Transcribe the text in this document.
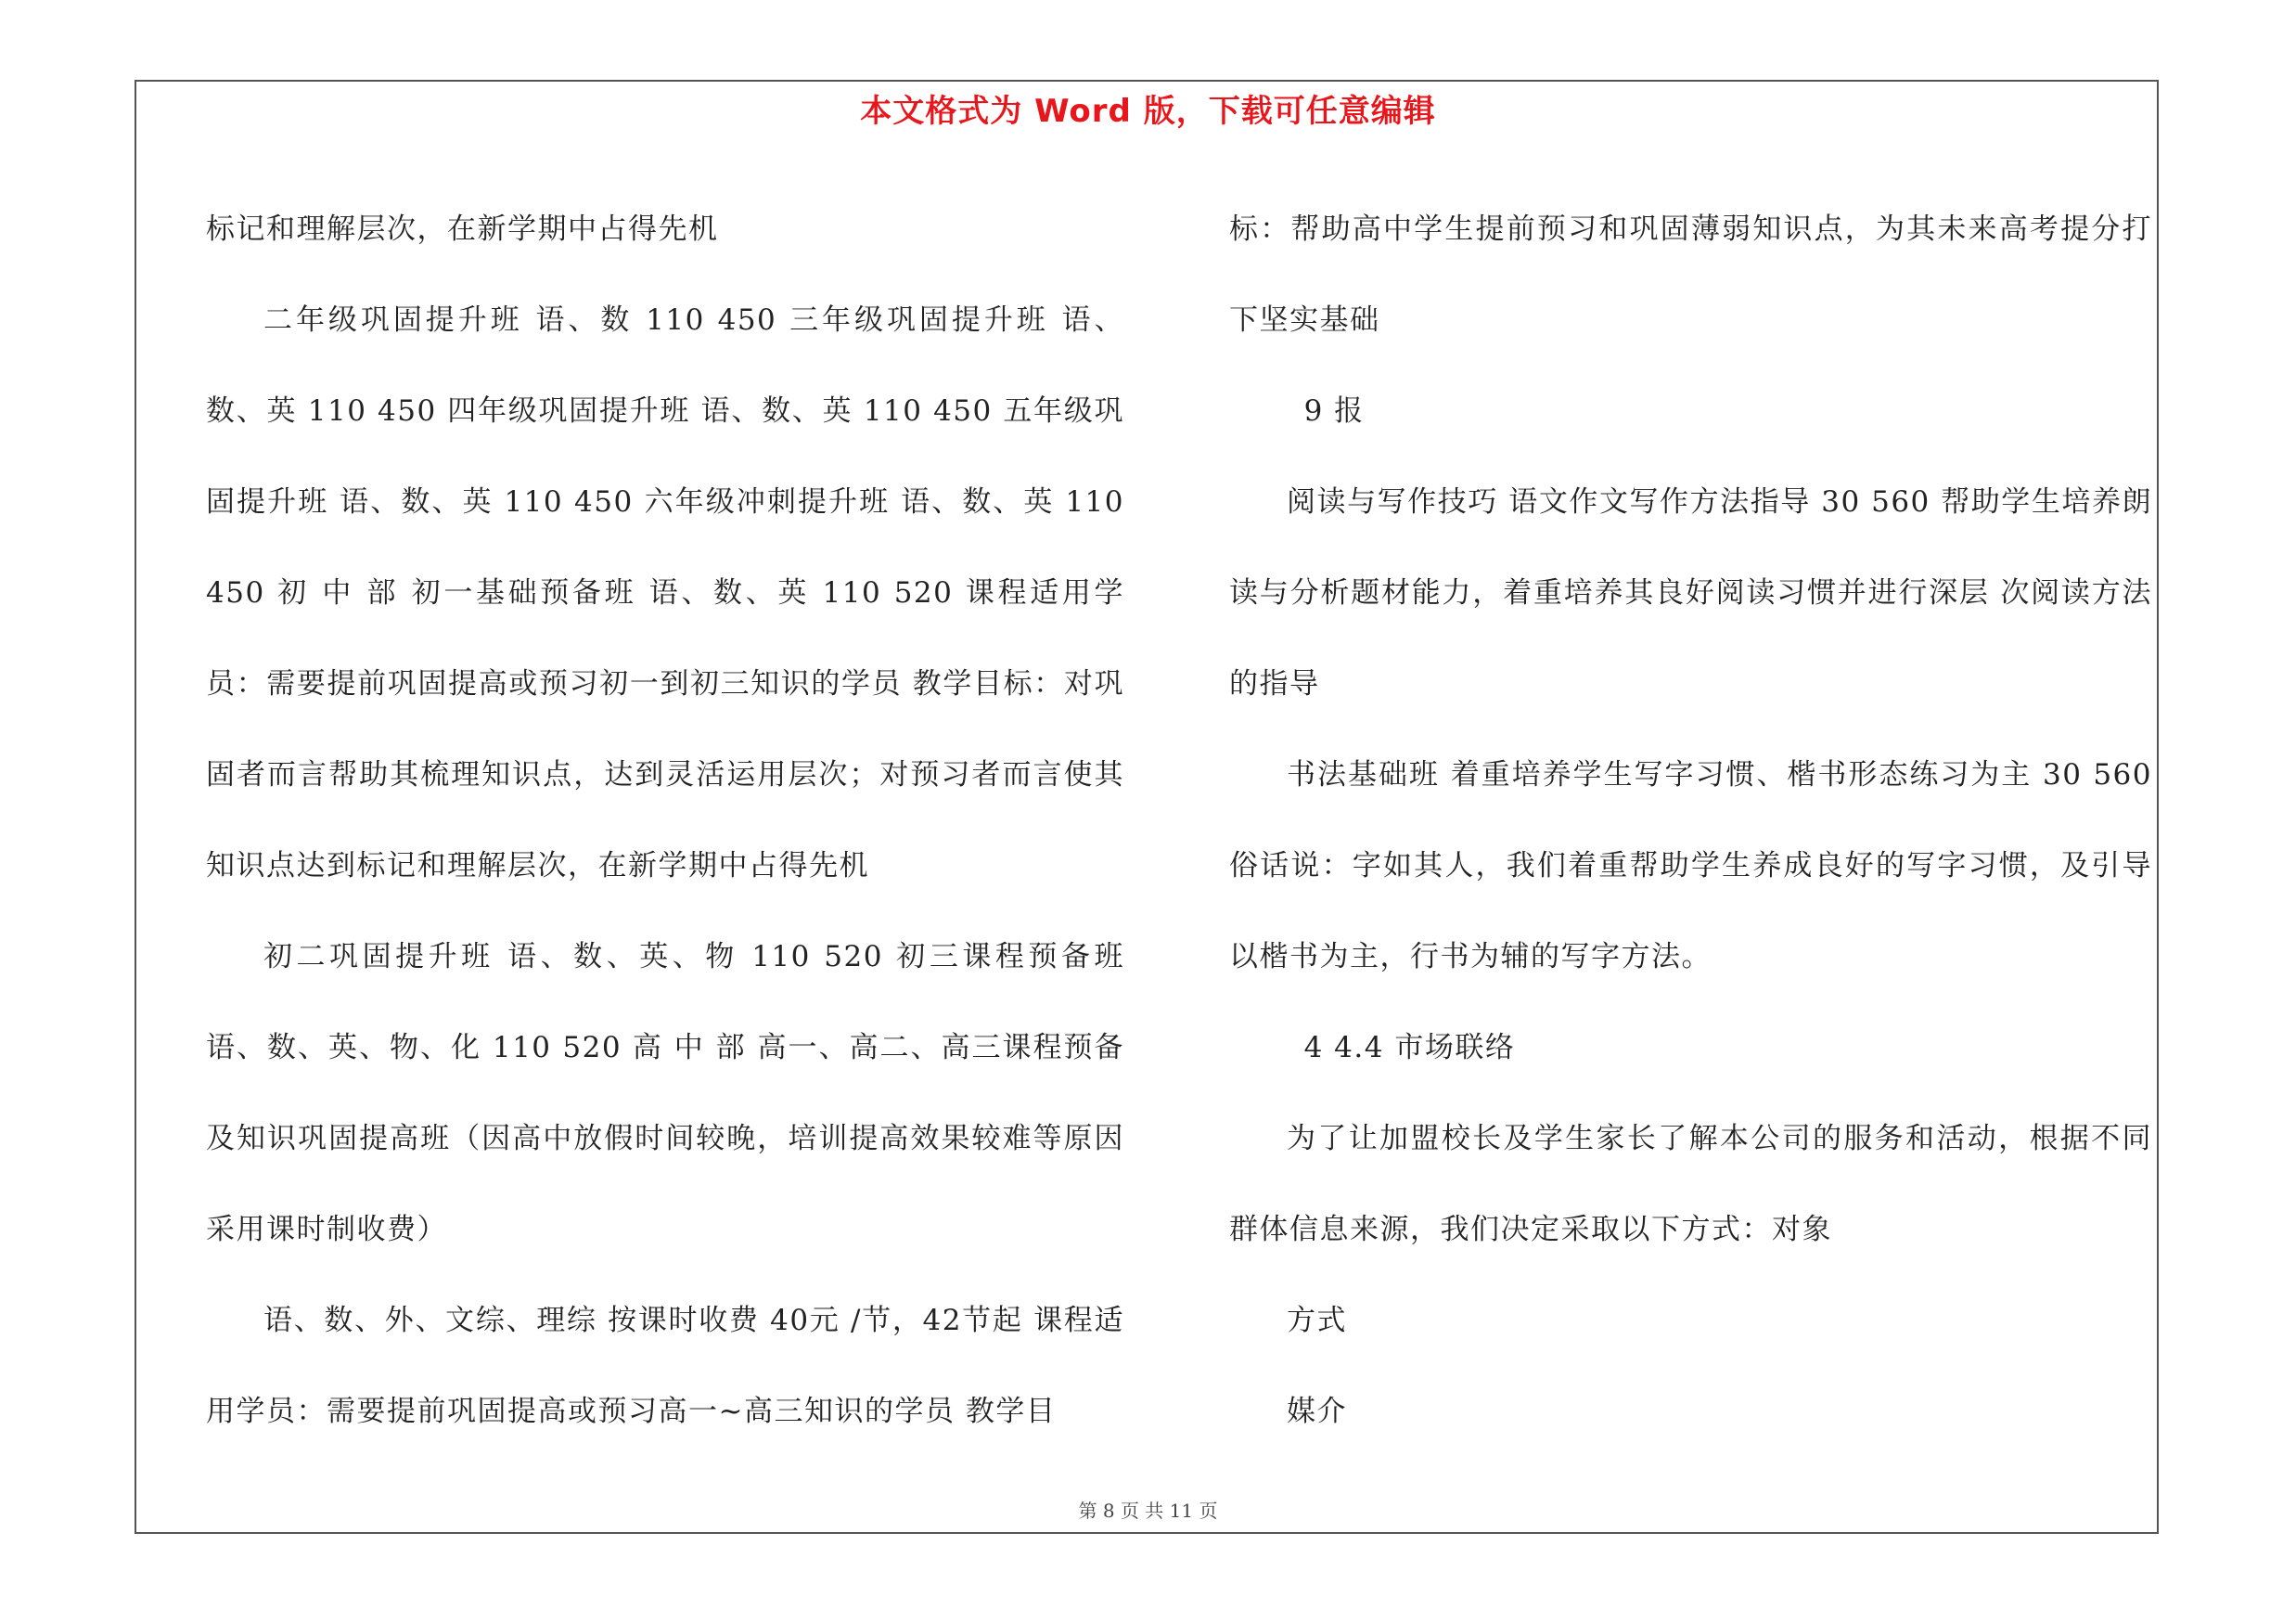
本文格式为 Word 版，下载可任意编辑

标记和理解层次，在新学期中占得先机

二年级巩固提升班 语、数 110 450 三年级巩固提升班 语、数、英 110 450 四年级巩固提升班 语、数、英 110 450 五年级巩固提升班 语、数、英 110 450 六年级冲刺提升班 语、数、英 110 450 初 中 部 初一基础预备班 语、数、英 110 520 课程适用学员：需要提前巩固提高或预习初一到初三知识的学员 教学目标：对巩固者而言帮助其梳理知识点，达到灵活运用层次；对预习者而言使其知识点达到标记和理解层次，在新学期中占得先机

初二巩固提升班 语、数、英、物 110 520 初三课程预备班 语、数、英、物、化 110 520 高 中 部 高一、高二、高三课程预备及知识巩固提高班（因高中放假时间较晚，培训提高效果较难等原因采用课时制收费）

语、数、外、文综、理综 按课时收费 40元 /节，42节起 课程适用学员：需要提前巩固提高或预习高一~高三知识的学员 教学目

标：帮助高中学生提前预习和巩固薄弱知识点，为其未来高考提分打下坚实基础

9 报

阅读与写作技巧 语文作文写作方法指导 30 560 帮助学生培养朗读与分析题材能力，着重培养其良好阅读习惯并进行深层 次阅读方法的指导

书法基础班 着重培养学生写字习惯、楷书形态练习为主 30 560 俗话说：字如其人，我们着重帮助学生养成良好的写字习惯，及引导以楷书为主，行书为辅的写字方法。

4 4.4 市场联络

为了让加盟校长及学生家长了解本公司的服务和活动，根据不同群体信息来源，我们决定采取以下方式：对象

方式

媒介

第 8 页 共 11 页
